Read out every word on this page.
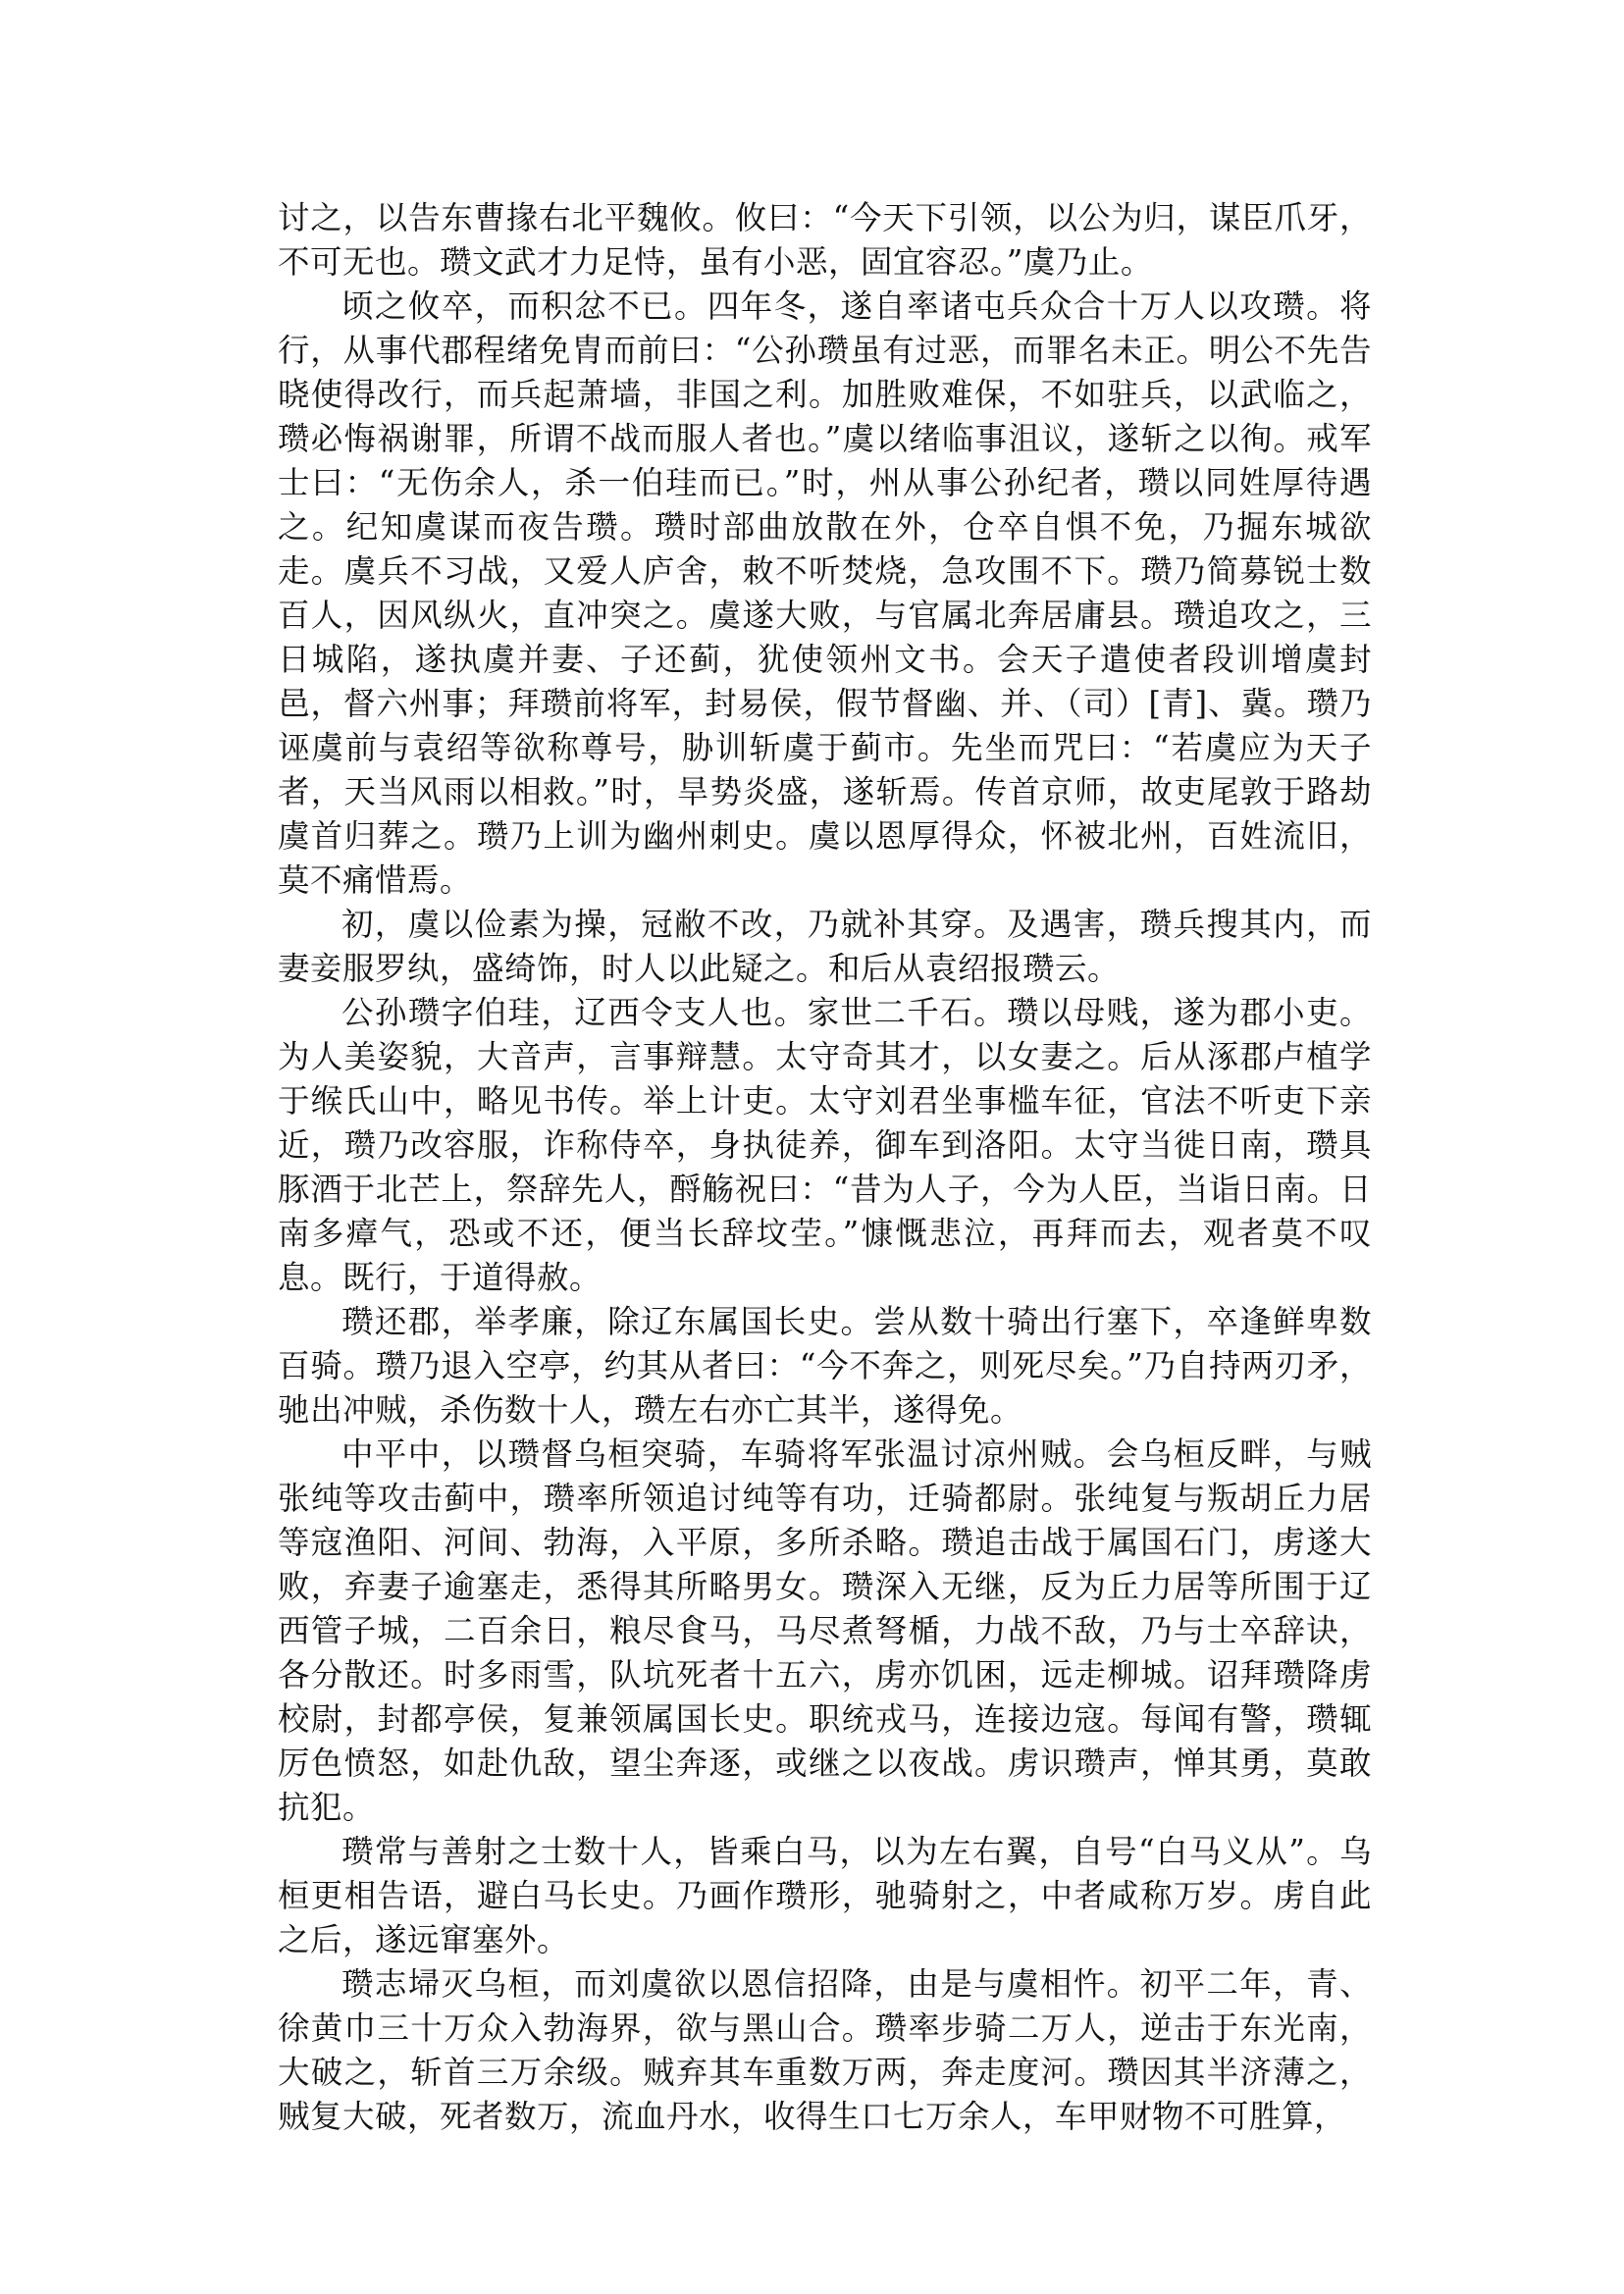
讨之，以告东曹掾右北平魏攸。攸曰：“今天下引领，以公为归，谋臣爪牙，不可无也。瓒文武才力足恃，虽有小恶，固宜容忍。”虞乃止。

顷之攸卒，而积忿不已。四年冬，遂自率诸屯兵众合十万人以攻瓒。将行，从事代郡程绪免胄而前曰：“公孙瓒虽有过恶，而罪名未正。明公不先告晓使得改行，而兵起萧墙，非国之利。加胜败难保，不如驻兵，以武临之，瓒必悔祸谢罪，所谓不战而服人者也。”虞以绪临事沮议，遂斩之以徇。戒军士曰：“无伤余人，杀一伯珪而已。”时，州从事公孙纪者，瓒以同姓厚待遇之。纪知虞谋而夜告瓒。瓒时部曲放散在外，仓卒自惧不免，乃掘东城欲走。虞兵不习战，又爱人庐舍，敕不听焚烧，急攻围不下。瓒乃简募锐士数百人，因风纵火，直冲突之。虞遂大败，与官属北奔居庸县。瓒追攻之，三日城陷，遂执虞并妻、子还蓟，犹使领州文书。会天子遣使者段训增虞封邑，督六州事；拜瓒前将军，封易侯，假节督幽、并、（司）[青]、冀。瓒乃诬虞前与袁绍等欲称尊号，胁训斩虞于蓟市。先坐而咒曰：“若虞应为天子者，天当风雨以相救。”时，旱势炎盛，遂斩焉。传首京师，故吏尾敦于路劫虞首归葬之。瓒乃上训为幽州刺史。虞以恩厚得众，怀被北州，百姓流旧，莫不痛惜焉。

初，虞以俭素为操，冠敝不改，乃就补其穿。及遇害，瓒兵搜其内，而妻妾服罗纨，盛绮饰，时人以此疑之。和后从袁绍报瓒云。

公孙瓒字伯珪，辽西令支人也。家世二千石。瓒以母贱，遂为郡小吏。为人美姿貌，大音声，言事辩慧。太守奇其才，以女妻之。后从涿郡卢植学于缑氏山中，略见书传。举上计吏。太守刘君坐事槛车征，官法不听吏下亲近，瓒乃改容服，诈称侍卒，身执徒养，御车到洛阳。太守当徙日南，瓒具豚酒于北芒上，祭辞先人，酹觞祝曰：“昔为人子，今为人臣，当诣日南。日南多瘴气，恐或不还，便当长辞坟茔。”慷慨悲泣，再拜而去，观者莫不叹息。既行，于道得赦。

瓒还郡，举孝廉，除辽东属国长史。尝从数十骑出行塞下，卒逢鲜卑数百骑。瓒乃退入空亭，约其从者曰：“今不奔之，则死尽矣。”乃自持两刃矛，驰出冲贼，杀伤数十人，瓒左右亦亡其半，遂得免。

中平中，以瓒督乌桓突骑，车骑将军张温讨凉州贼。会乌桓反畔，与贼张纯等攻击蓟中，瓒率所领追讨纯等有功，迁骑都尉。张纯复与叛胡丘力居等寇渔阳、河间、勃海，入平原，多所杀略。瓒追击战于属国石门，虏遂大败，弃妻子逾塞走，悉得其所略男女。瓒深入无继，反为丘力居等所围于辽西管子城，二百余日，粮尽食马，马尽煮弩楯，力战不敌，乃与士卒辞诀，各分散还。时多雨雪，队坑死者十五六，虏亦饥困，远走柳城。诏拜瓒降虏校尉，封都亭侯，复兼领属国长史。职统戎马，连接边寇。每闻有警，瓒辄厉色愤怒，如赴仇敌，望尘奔逐，或继之以夜战。虏识瓒声，惮其勇，莫敢抗犯。

瓒常与善射之士数十人，皆乘白马，以为左右翼，自号“白马义从”。乌桓更相告语，避白马长史。乃画作瓒形，驰骑射之，中者咸称万岁。虏自此之后，遂远窜塞外。

瓒志埽灭乌桓，而刘虞欲以恩信招降，由是与虞相忤。初平二年，青、徐黄巾三十万众入勃海界，欲与黑山合。瓒率步骑二万人，逆击于东光南，大破之，斩首三万余级。贼弃其车重数万两，奔走度河。瓒因其半济薄之，贼复大破，死者数万，流血丹水，收得生口七万余人，车甲财物不可胜算，
